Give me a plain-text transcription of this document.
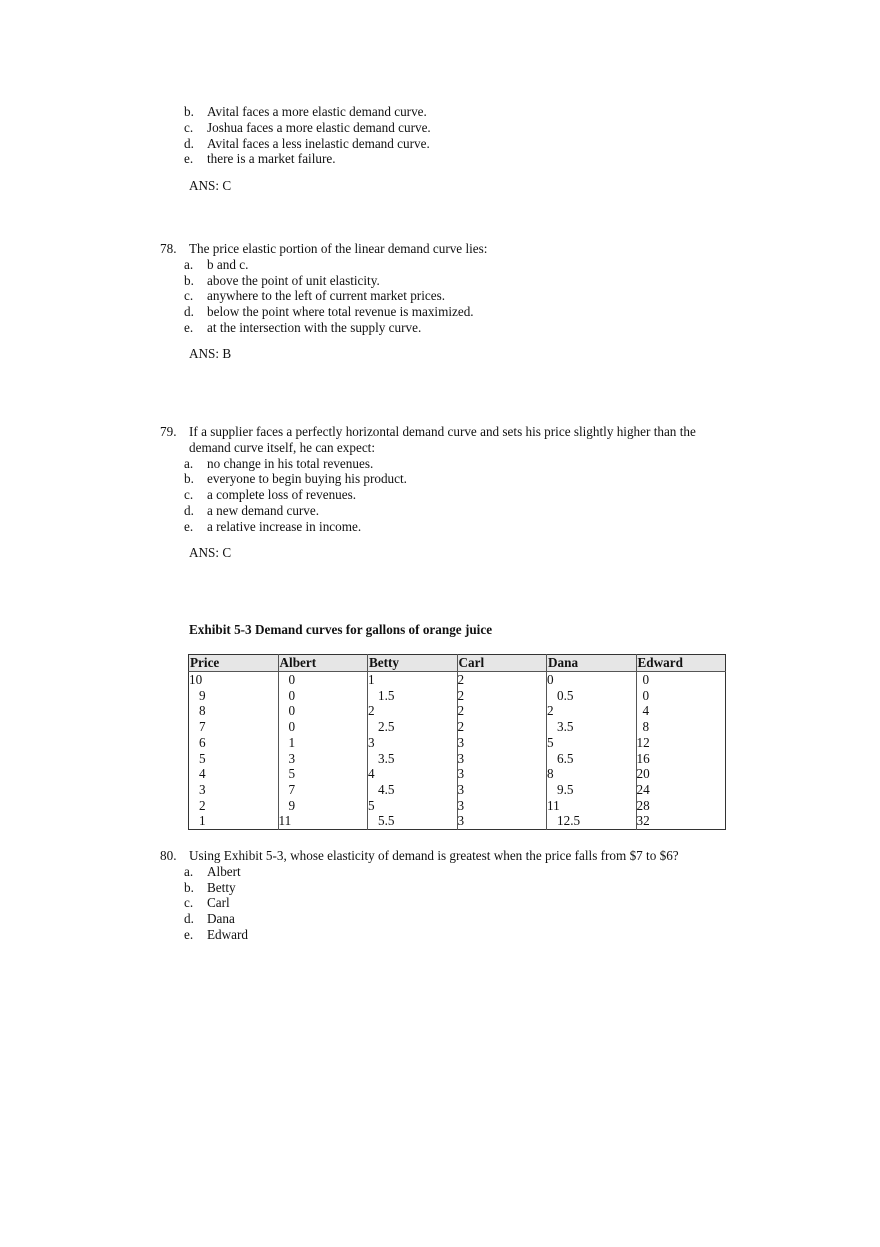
b. Avital faces a more elastic demand curve.
c. Joshua faces a more elastic demand curve.
d. Avital faces a less inelastic demand curve.
e. there is a market failure.
ANS: C
78. The price elastic portion of the linear demand curve lies:
a. b and c.
b. above the point of unit elasticity.
c. anywhere to the left of current market prices.
d. below the point where total revenue is maximized.
e. at the intersection with the supply curve.
ANS: B
79. If a supplier faces a perfectly horizontal demand curve and sets his price slightly higher than the
demand curve itself, he can expect:
a. no change in his total revenues.
b. everyone to begin buying his product.
c. a complete loss of revenues.
d. a new demand curve.
e. a relative increase in income.
ANS: C
Exhibit 5-3 Demand curves for gallons of orange juice
Price	Albert	Betty	Carl	Dana	Edward
10	0	1	2	0	0
9	0	1.5	2	0.5	0
8	0	2	2	2	4
7	0	2.5	2	3.5	8
6	1	3	3	5	12
5	3	3.5	3	6.5	16
4	5	4	3	8	20
3	7	4.5	3	9.5	24
2	9	5	3	11	28
1	11	5.5	3	12.5	32
80. Using Exhibit 5-3, whose elasticity of demand is greatest when the price falls from $7 to $6?
a. Albert
b. Betty
c. Carl
d. Dana
e. Edward
